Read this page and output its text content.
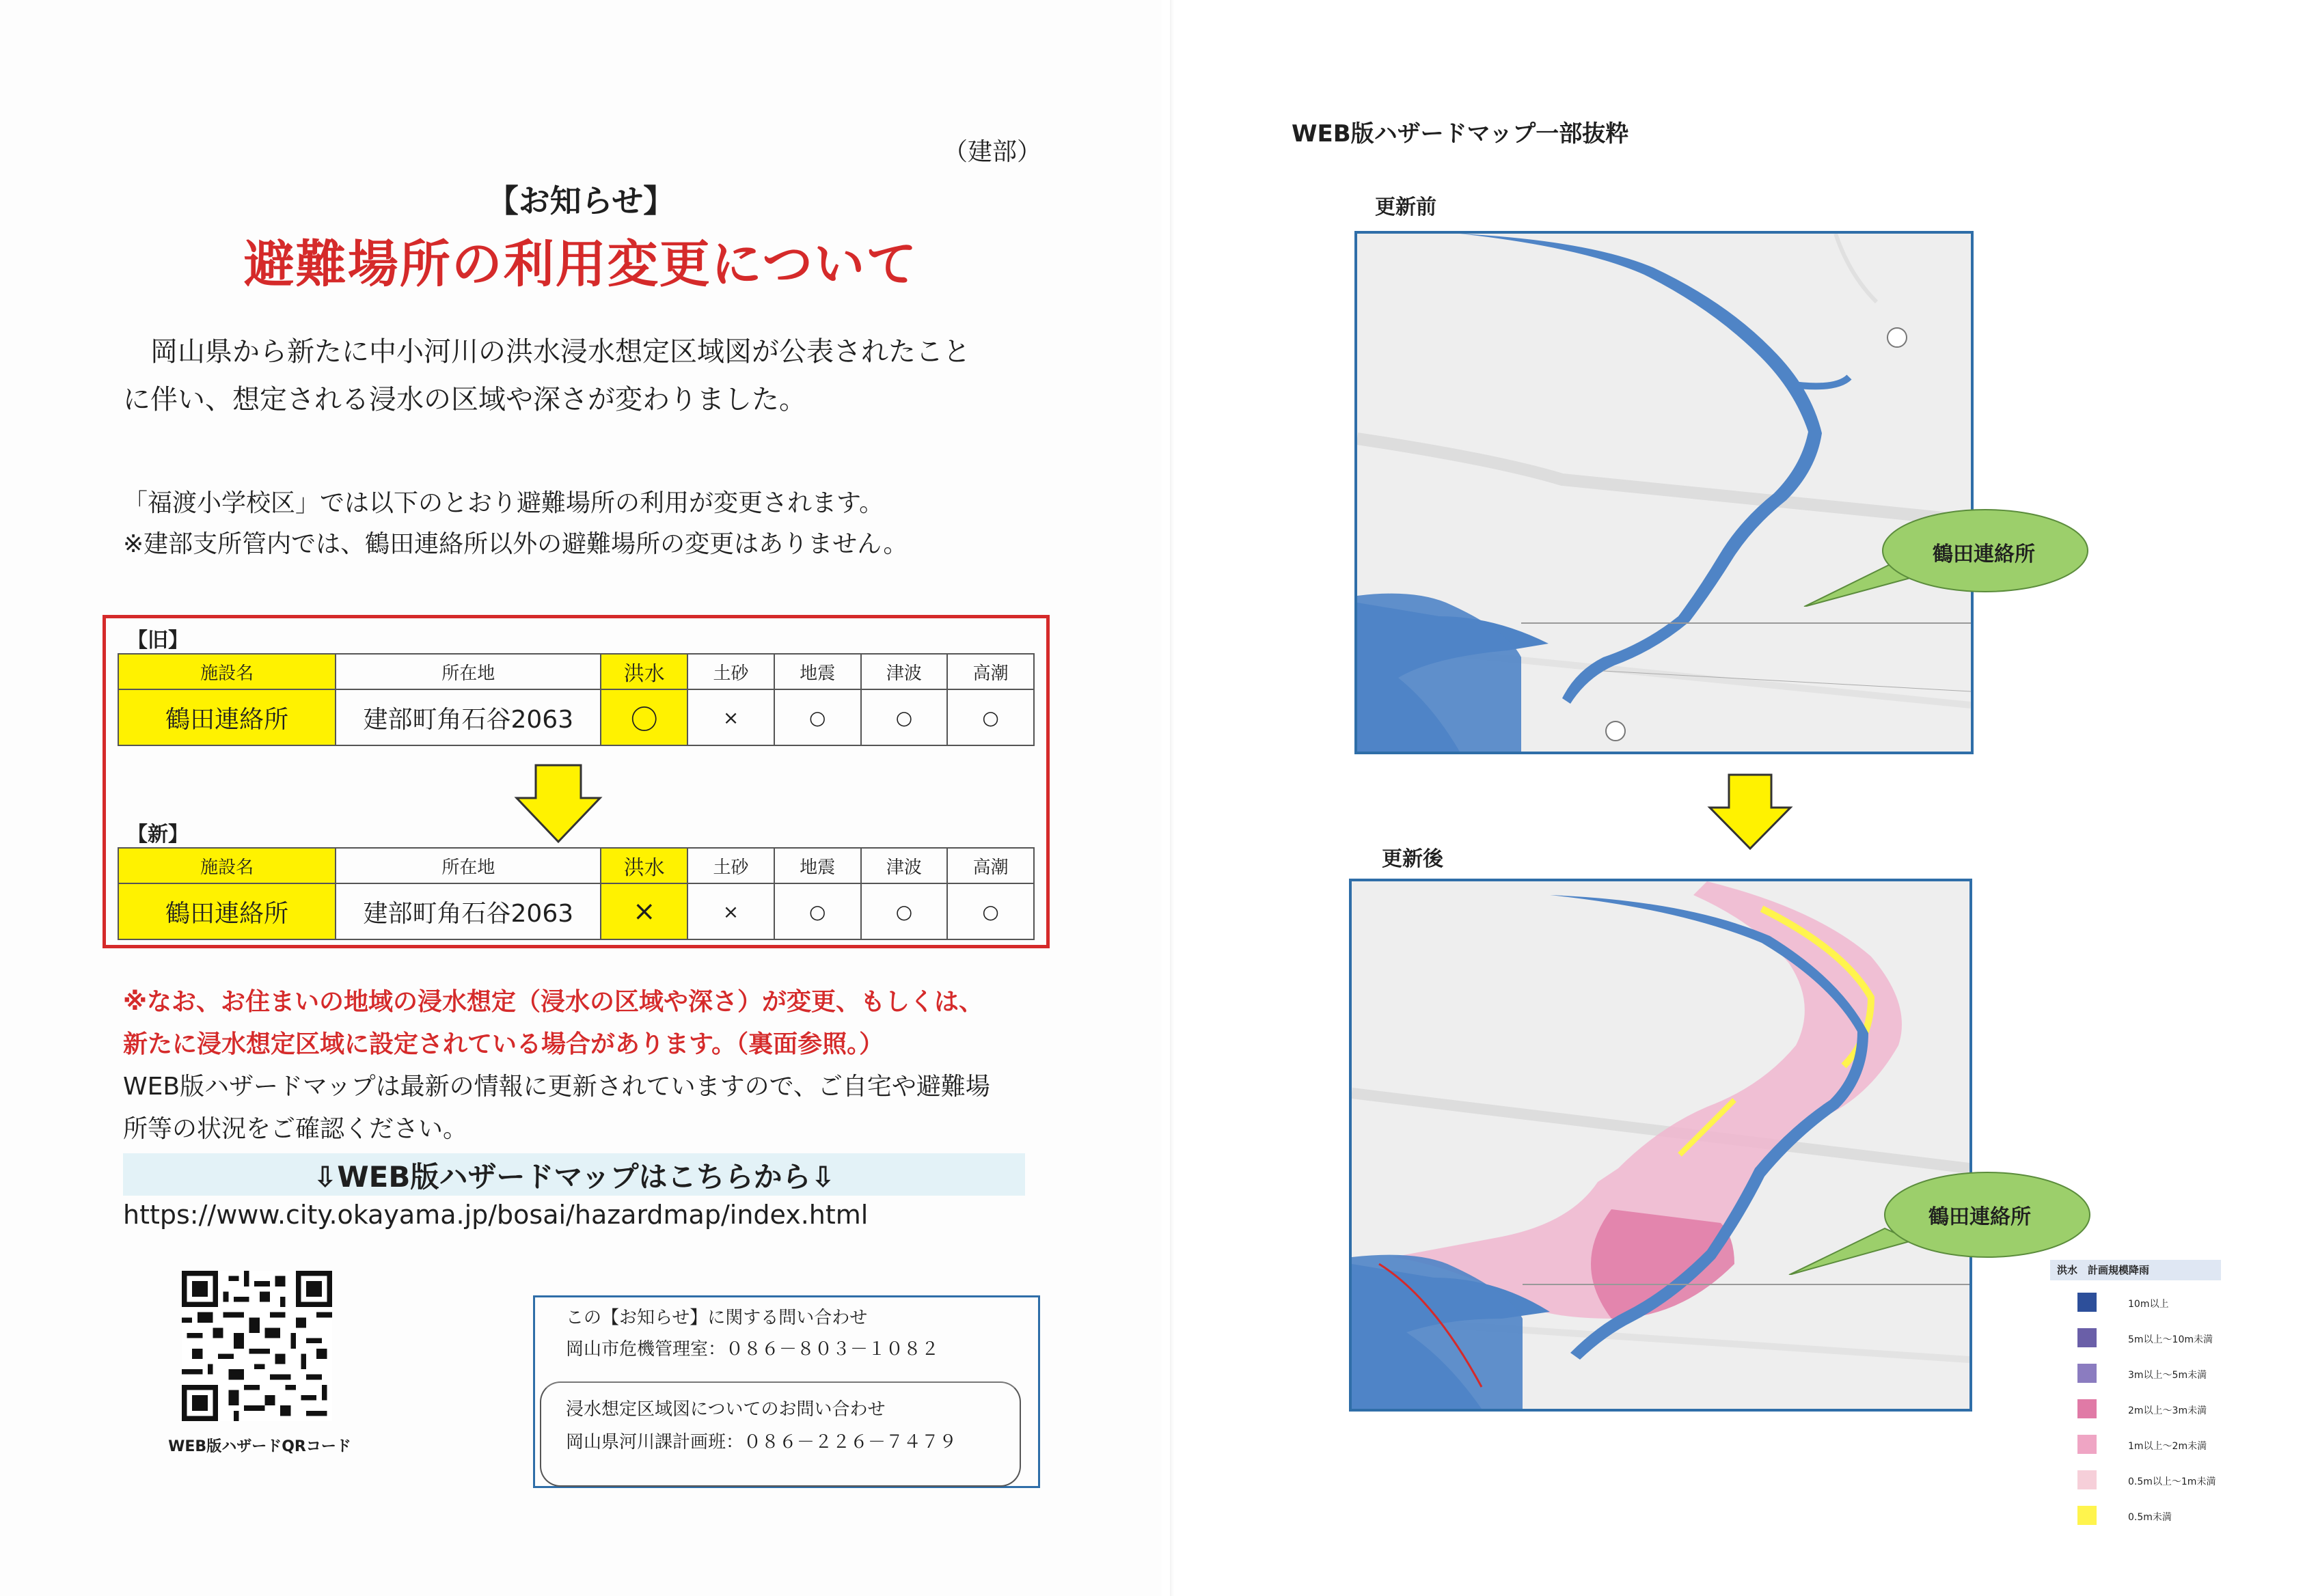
（建部）
【お知らせ】
避難場所の利用変更について
　岡山県から新たに中小河川の洪水浸水想定区域図が公表されたこと
に伴い、想定される浸水の区域や深さが変わりました。
「福渡小学校区」では以下のとおり避難場所の利用が変更されます。
※建部支所管内では、鶴田連絡所以外の避難場所の変更はありません。
【旧】
施設名	所在地	洪水	土砂	地震	津波	高潮
鶴田連絡所	建部町角石谷2063	〇	×	○	○	○
【新】
施設名	所在地	洪水	土砂	地震	津波	高潮
鶴田連絡所	建部町角石谷2063	×	×	○	○	○
※なお、お住まいの地域の浸水想定（浸水の区域や深さ）が変更、もしくは、
新たに浸水想定区域に設定されている場合があります。（裏面参照。）
WEB版ハザードマップは最新の情報に更新されていますので、ご自宅や避難場
所等の状況をご確認ください。
⇩WEB版ハザードマップはこちらから⇩
https://www.city.okayama.jp/bosai/hazardmap/index.html
WEB版ハザードQRコード
この【お知らせ】に関する問い合わせ
岡山市危機管理室：０８６－８０３－１０８２
浸水想定区域図についてのお問い合わせ
岡山県河川課計画班：０８６－２２６－７４７９
WEB版ハザードマップ一部抜粋
更新前
鶴田連絡所
更新後
鶴田連絡所
洪水　計画規模降雨
10m以上
5m以上～10m未満
3m以上～5m未満
2m以上～3m未満
1m以上～2m未満
0.5m以上～1m未満
0.5m未満
